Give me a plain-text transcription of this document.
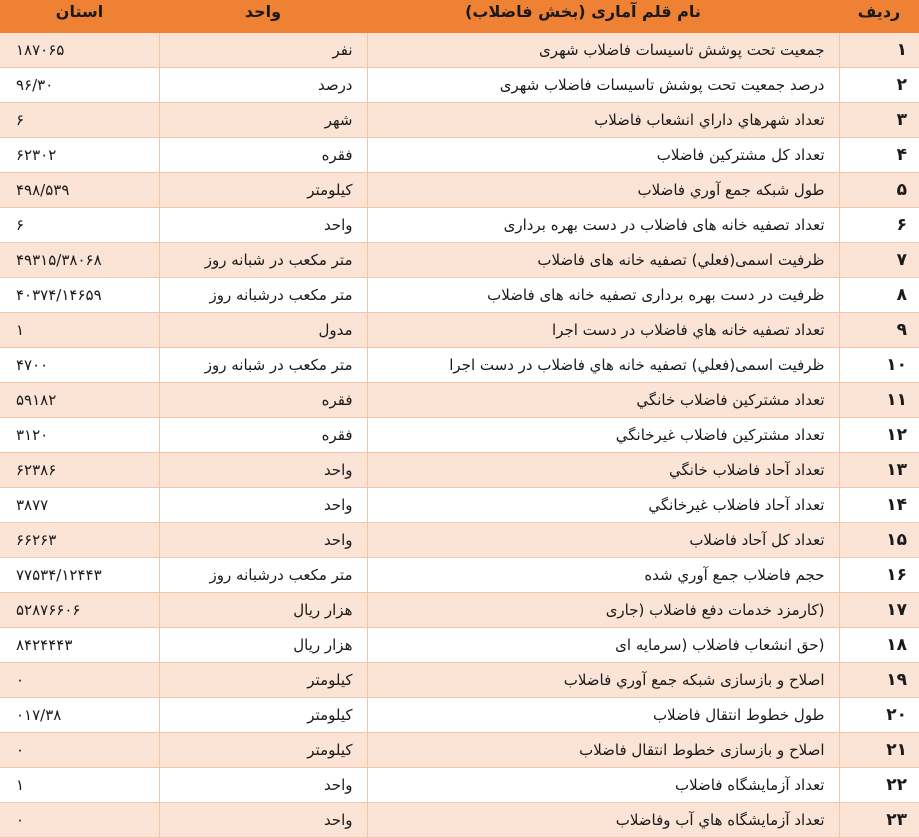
ردیف	نام قلم آماری (بخش فاضلاب)	واحد	استان
۱	جمعیت تحت پوشش تاسیسات فاضلاب شهری	نفر	۱۸۷۰۶۵
۲	درصد جمعیت تحت پوشش تاسیسات فاضلاب شهری	درصد	۹۶/۳۰
۳	تعداد شهرهاي داراي انشعاب فاضلاب	شهر	۶
۴	تعداد کل مشترکین فاضلاب	فقره	۶۲۳۰۲
۵	طول شبکه جمع آوري فاضلاب	کیلومتر	۴۹۸/۵۳۹
۶	تعداد تصفیه خانه های فاضلاب در دست بهره برداری	واحد	۶
۷	ظرفیت اسمی(فعلي) تصفیه خانه های فاضلاب	متر مکعب در شبانه روز	۴۹۳۱۵/۳۸۰۶۸
۸	ظرفیت در دست بهره برداری تصفیه خانه های فاضلاب	متر مکعب درشبانه روز	۴۰۳۷۴/۱۴۶۵۹
۹	تعداد تصفیه خانه هاي فاضلاب در دست اجرا	مدول	۱
۱۰	ظرفیت اسمی(فعلي) تصفیه خانه هاي فاضلاب در دست اجرا	متر مکعب در شبانه روز	۴۷۰۰
۱۱	تعداد مشترکین فاضلاب خانگي	فقره	۵۹۱۸۲
۱۲	تعداد مشترکین فاضلاب غیرخانگي	فقره	۳۱۲۰
۱۳	تعداد آحاد فاضلاب خانگي	واحد	۶۲۳۸۶
۱۴	تعداد آحاد فاضلاب غیرخانگي	واحد	۳۸۷۷
۱۵	تعداد کل آحاد فاضلاب	واحد	۶۶۲۶۳
۱۶	حجم فاضلاب جمع آوري شده	متر مکعب درشبانه روز	۷۷۵۳۴/۱۲۴۴۳
۱۷	(کارمزد خدمات دفع فاضلاب (جاری	هزار ریال	۵۲۸۷۶۶۰۶
۱۸	(حق انشعاب فاضلاب (سرمایه ای	هزار ریال	۸۴۲۴۴۴۳
۱۹	اصلاح و بازسازی شبکه جمع آوري فاضلاب	کیلومتر	۰
۲۰	طول خطوط انتقال فاضلاب	کیلومتر	۰۱۷/۳۸
۲۱	اصلاح و بازسازی خطوط انتقال فاضلاب	کیلومتر	۰
۲۲	تعداد آزمایشگاه فاضلاب	واحد	۱
۲۳	تعداد آزمایشگاه هاي آب وفاضلاب	واحد	۰
